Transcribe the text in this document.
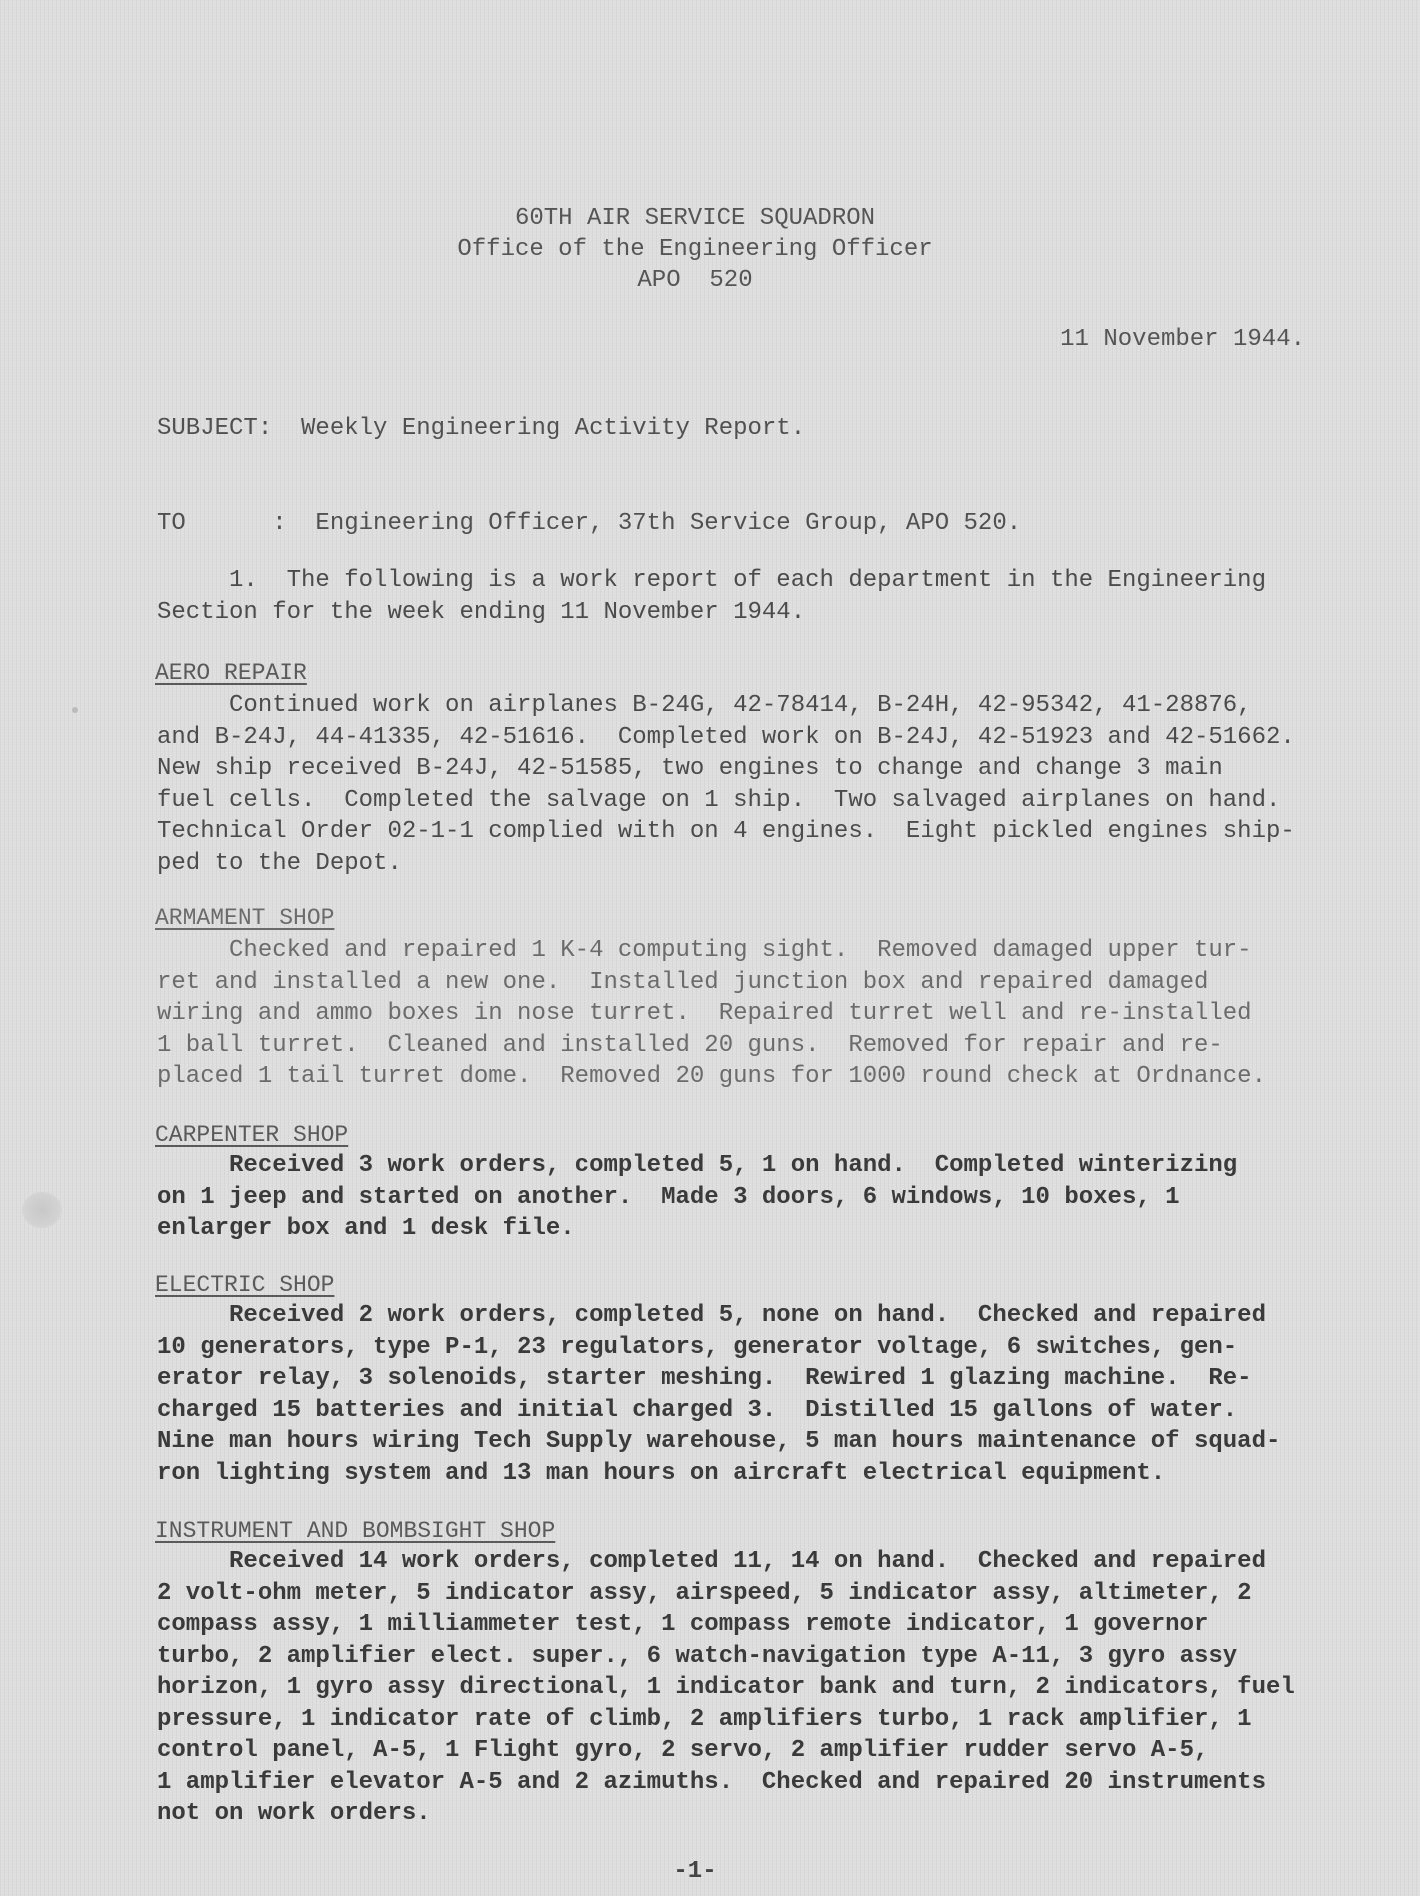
60TH AIR SERVICE SQUADRON
Office of the Engineering Officer
APO  520
11 November 1944.
SUBJECT:  Weekly Engineering Activity Report.
TO      :  Engineering Officer, 37th Service Group, APO 520.
1.  The following is a work report of each department in the Engineering
Section for the week ending 11 November 1944.
AERO REPAIR
Continued work on airplanes B-24G, 42-78414, B-24H, 42-95342, 41-28876,
and B-24J, 44-41335, 42-51616.  Completed work on B-24J, 42-51923 and 42-51662.
New ship received B-24J, 42-51585, two engines to change and change 3 main
fuel cells.  Completed the salvage on 1 ship.  Two salvaged airplanes on hand.
Technical Order 02-1-1 complied with on 4 engines.  Eight pickled engines ship-
ped to the Depot.
ARMAMENT SHOP
Checked and repaired 1 K-4 computing sight.  Removed damaged upper tur-
ret and installed a new one.  Installed junction box and repaired damaged
wiring and ammo boxes in nose turret.  Repaired turret well and re-installed
1 ball turret.  Cleaned and installed 20 guns.  Removed for repair and re-
placed 1 tail turret dome.  Removed 20 guns for 1000 round check at Ordnance.
CARPENTER SHOP
Received 3 work orders, completed 5, 1 on hand.  Completed winterizing
on 1 jeep and started on another.  Made 3 doors, 6 windows, 10 boxes, 1
enlarger box and 1 desk file.
ELECTRIC SHOP
Received 2 work orders, completed 5, none on hand.  Checked and repaired
10 generators, type P-1, 23 regulators, generator voltage, 6 switches, gen-
erator relay, 3 solenoids, starter meshing.  Rewired 1 glazing machine.  Re-
charged 15 batteries and initial charged 3.  Distilled 15 gallons of water.
Nine man hours wiring Tech Supply warehouse, 5 man hours maintenance of squad-
ron lighting system and 13 man hours on aircraft electrical equipment.
INSTRUMENT AND BOMBSIGHT SHOP
Received 14 work orders, completed 11, 14 on hand.  Checked and repaired
2 volt-ohm meter, 5 indicator assy, airspeed, 5 indicator assy, altimeter, 2
compass assy, 1 milliammeter test, 1 compass remote indicator, 1 governor
turbo, 2 amplifier elect. super., 6 watch-navigation type A-11, 3 gyro assy
horizon, 1 gyro assy directional, 1 indicator bank and turn, 2 indicators, fuel
pressure, 1 indicator rate of climb, 2 amplifiers turbo, 1 rack amplifier, 1
control panel, A-5, 1 Flight gyro, 2 servo, 2 amplifier rudder servo A-5,
1 amplifier elevator A-5 and 2 azimuths.  Checked and repaired 20 instruments
not on work orders.
-1-
